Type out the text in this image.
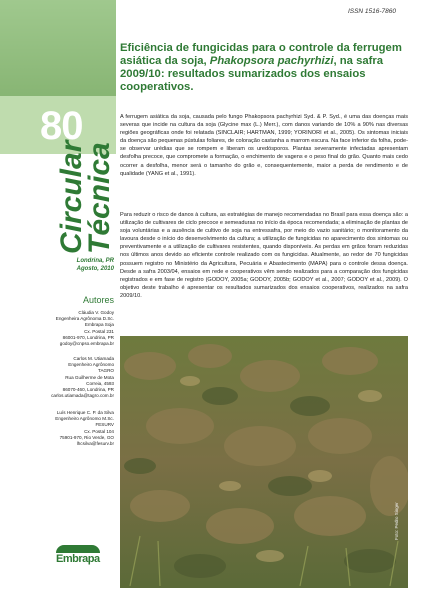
ISSN 1516-7860
80
Circular
Técnica
Londrina, PR
Agosto, 2010
Autores
Cláudia V. Godoy
Engenheira Agrônoma D.Sc.
Embrapa Soja
Cx. Postal 231
86001-970, Londrina, PR
godoy@cnpso.embrapa.br
Carlos M. Utiamada
Engenheiro Agrônomo
TAGRO
Rua Guilherme de Mota
Correia, 4593
86070-460, Londrina, PR
carlos.utiamada@tagro.com.br
Luís Henrique C. P. da Silva
Engenheiro Agrônomo M.Sc.
FESURV
Cx. Postal 104
75901-970, Rio Verde, GO
lhcsilva@fesurv.br
Embrapa
Eficiência de fungicidas para o controle da ferrugem asiática da soja, Phakopsora pachyrhizi, na safra 2009/10: resultados sumarizados dos ensaios cooperativos.
A ferrugem asiática da soja, causada pelo fungo Phakopsora pachyrhizi Syd. & P. Syd., é uma das doenças mais severas que incide na cultura da soja (Glycine max (L.) Merr.), com danos variando de 10% a 90% nas diversas regiões geográficas onde foi relatada (SINCLAIR; HARTMAN, 1999; YORINORI et al., 2005). Os sintomas iniciais da doença são pequenas pústulas foliares, de coloração castanha a marrom escura. Na face inferior da folha, pode-se observar urédias que se rompem e liberam os uredósporos. Plantas severamente infectadas apresentam desfolha precoce, que compromete a formação, o enchimento de vagens e o peso final do grão. Quanto mais cedo ocorrer a desfolha, menor será o tamanho do grão e, consequentemente, maior a perda de rendimento e de qualidade (YANG et al., 1991).
Para reduzir o risco de danos à cultura, as estratégias de manejo recomendadas no Brasil para essa doença são: a utilização de cultivares de ciclo precoce e semeaduras no início da época recomendada; a eliminação de plantas de soja voluntárias e a ausência de cultivo de soja na entressafra, por meio do vazio sanitário; o monitoramento da lavoura desde o início do desenvolvimento da cultura; a utilização de fungicidas no aparecimento dos sintomas ou preventivamente e a utilização de cultivares resistentes, quando disponíveis. As perdas em grãos foram reduzidas nos últimos anos devido ao eficiente controle realizado com os fungicidas. Atualmente, ao redor de 70 fungicidas possuem registro no Ministério da Agricultura, Pecuária e Abastecimento (MAPA) para o controle dessa doença. Desde a safra 2003/04, ensaios em rede e cooperativos vêm sendo realizados para a comparação dos fungicidas registrados e em fase de registro (GODOY, 2005a; GODOY, 2005b; GODOY et al., 2007; GODOY et al., 2009). O objetivo deste trabalho é apresentar os resultados sumarizados dos ensaios cooperativos, realizados na safra 2009/10.
Foto: Pedro Singer
